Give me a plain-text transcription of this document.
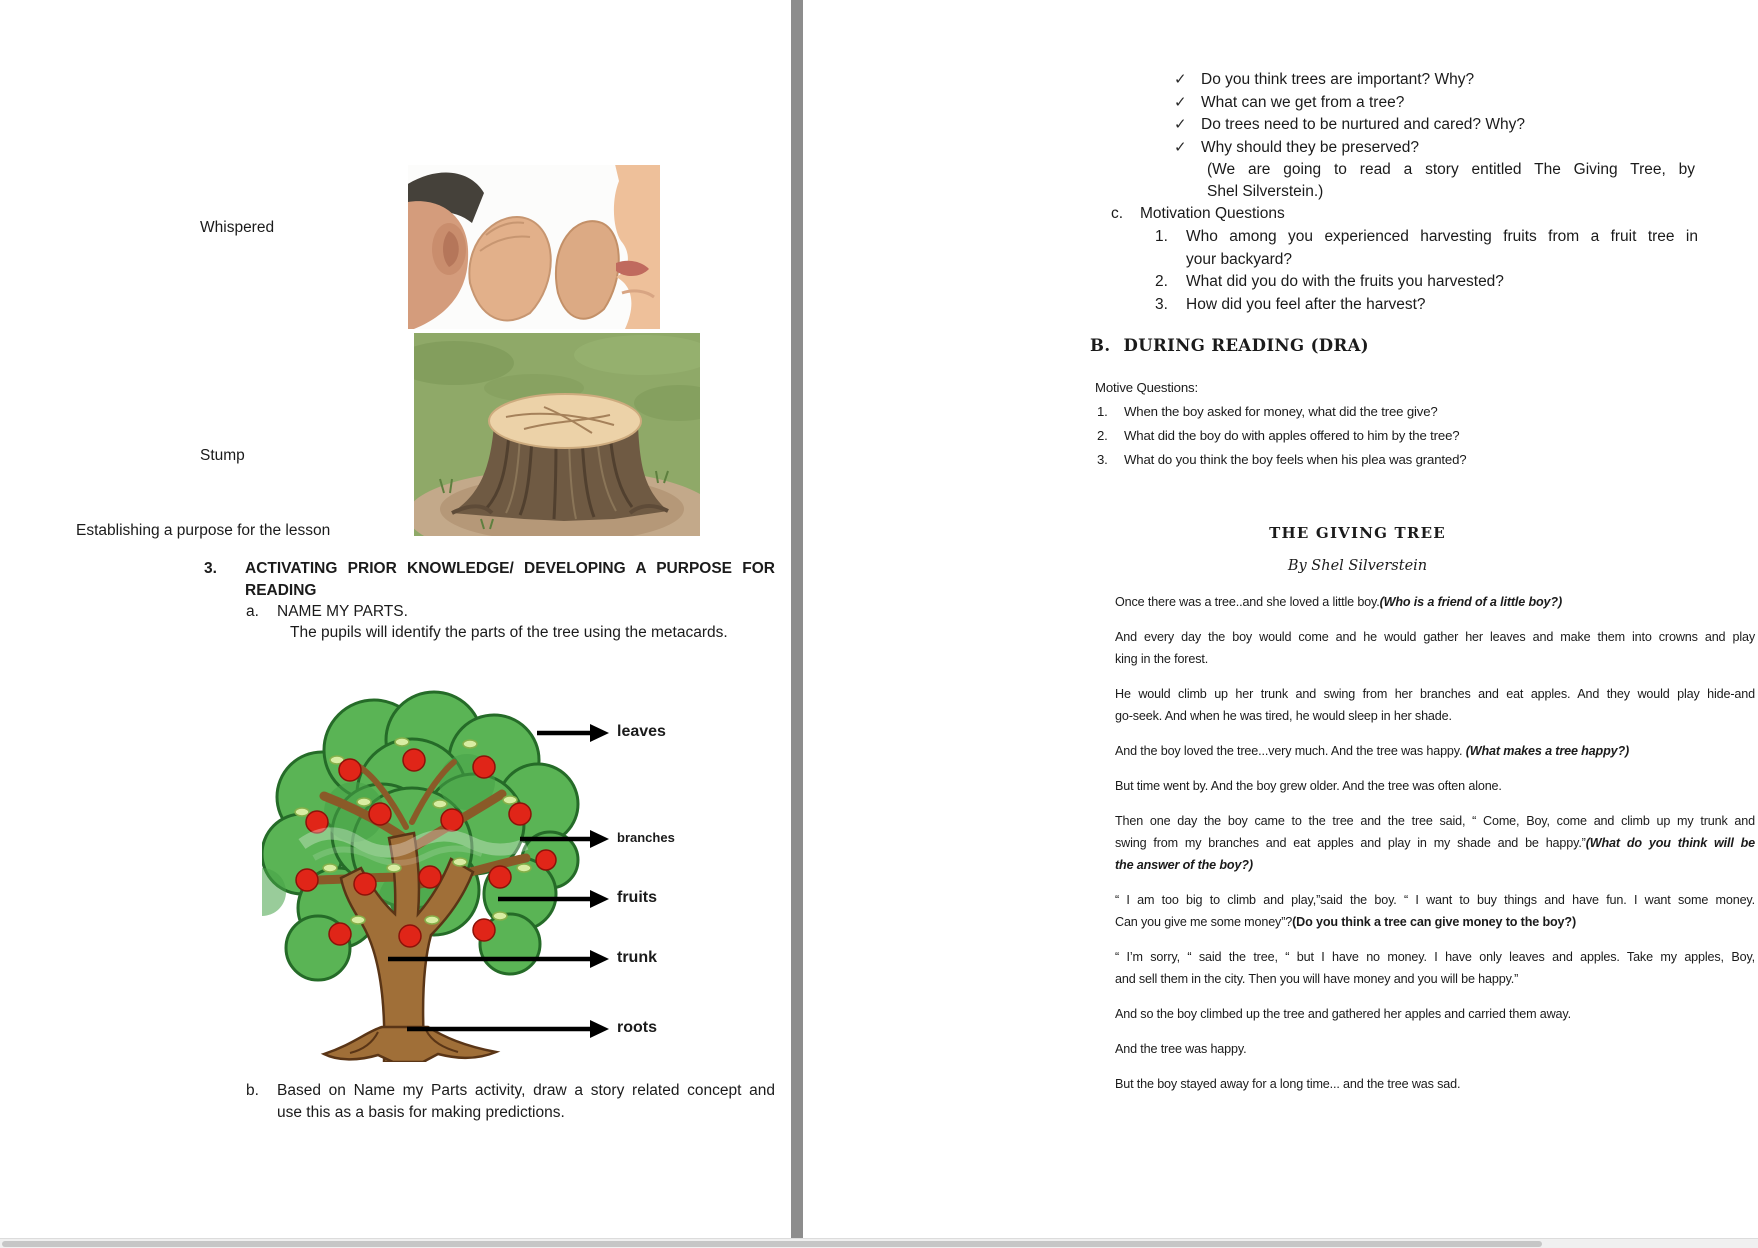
Whispered
Stump
Establishing a purpose for the lesson
3. ACTIVATING PRIOR KNOWLEDGE/ DEVELOPING A PURPOSE FOR
READING
a. NAME MY PARTS.
The pupils will identify the parts of the tree using the metacards.
b. Based on Name my Parts activity, draw a story related concept and
use this as a basis for making predictions.
leaves
branches
fruits
trunk
roots
✓ Do you think trees are important? Why?
✓ What can we get from a tree?
✓ Do trees need to be nurtured and cared? Why?
✓ Why should they be preserved?
(We are going to read a story entitled The Giving Tree, by
Shel Silverstein.)
c.	Motivation Questions
1.	Who among you experienced harvesting fruits from a fruit tree in
your backyard?
2.	What did you do with the fruits you harvested?
3.	How did you feel after the harvest?
B. DURING READING (DRA)
Motive Questions:
1.	When the boy asked for money, what did the tree give?
2.	What did the boy do with apples offered to him by the tree?
3.	What do you think the boy feels when his plea was granted?
THE GIVING TREE
By Shel Silverstein
Once there was a tree..and she loved a little boy.(Who is a friend of a little boy?)
And every day the boy would come and he would gather her leaves and make them into crowns and play
king in the forest.
He would climb up her trunk and swing from her branches and eat apples. And they would play hide-and
go-seek. And when he was tired, he would sleep in her shade.
And the boy loved the tree...very much. And the tree was happy. (What makes a tree happy?)
But time went by. And the boy grew older. And the tree was often alone.
Then one day the boy came to the tree and the tree said, “ Come, Boy, come and climb up my trunk and
swing from my branches and eat apples and play in my shade and be happy.”(What do you think will be
the answer of the boy?)
“ I am too big to climb and play,”said the boy. “ I want to buy things and have fun. I want some money.
Can you give me some money”?(Do you think a tree can give money to the boy?)
“ I’m sorry, “ said the tree, “ but I have no money. I have only leaves and apples. Take my apples, Boy,
and sell them in the city. Then you will have money and you will be happy.”
And so the boy climbed up the tree and gathered her apples and carried them away.
And the tree was happy.
But the boy stayed away for a long time... and the tree was sad.
